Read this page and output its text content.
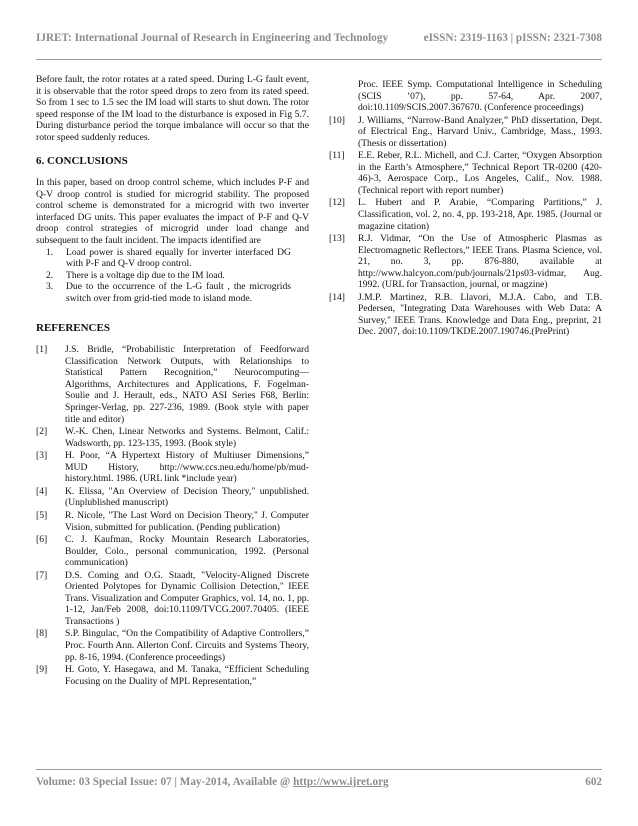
IJRET: International Journal of Research in Engineering and Technology	eISSN: 2319-1163 | pISSN: 2321-7308

Before fault, the rotor rotates at a rated speed. During L-G fault event, it is observable that the rotor speed drops to zero from its rated speed. So from 1 sec to 1.5 sec the IM load will starts to shut down. The rotor speed response of the IM load to the disturbance is exposed in Fig 5.7. During disturbance period the torque imbalance will occur so that the rotor speed suddenly reduces.

6. CONCLUSIONS

In this paper, based on droop control scheme, which includes P-F and Q-V droop control is studied for microgrid stability. The proposed control scheme is demonstrated for a microgrid with two inverter interfaced DG units. This paper evaluates the impact of P-F and Q-V droop control strategies of microgrid under load change and subsequent to the fault incident. The impacts identified are

1. Load power is shared equally for inverter interfaced DG with P-F and Q-V droop control.
2. There is a voltage dip due to the IM load.
3. Due to the occurrence of the L-G fault , the microgrids switch over from grid-tied mode to island mode.
REFERENCES
[1] J.S. Bridle, “Probabilistic Interpretation of Feedforward Classification Network Outputs, with Relationships to Statistical Pattern Recognition,” Neurocomputing—Algorithms, Architectures and Applications, F. Fogelman-Soulie and J. Herault, eds., NATO ASI Series F68, Berlin: Springer-Verlag, pp. 227-236, 1989. (Book style with paper title and editor)
[2] W.-K. Chen, Linear Networks and Systems. Belmont, Calif.: Wadsworth, pp. 123-135, 1993. (Book style)
[3] H. Poor, “A Hypertext History of Multiuser Dimensions,” MUD History, http://www.ccs.neu.edu/home/pb/mud-history.html. 1986. (URL link *include year)
[4] K. Elissa, "An Overview of Decision Theory," unpublished. (Unplublished manuscript)
[5] R. Nicole, "The Last Word on Decision Theory," J. Computer Vision, submitted for publication. (Pending publication)
[6] C. J. Kaufman, Rocky Mountain Research Laboratories, Boulder, Colo., personal communication, 1992. (Personal communication)
[7] D.S. Coming and O.G. Staadt, "Velocity-Aligned Discrete Oriented Polytopes for Dynamic Collision Detection," IEEE Trans. Visualization and Computer Graphics, vol. 14, no. 1, pp. 1-12, Jan/Feb 2008, doi:10.1109/TVCG.2007.70405. (IEEE Transactions )
[8] S.P. Bingulac, “On the Compatibility of Adaptive Controllers,” Proc. Fourth Ann. Allerton Conf. Circuits and Systems Theory, pp. 8-16, 1994. (Conference proceedings)
[9] H. Goto, Y. Hasegawa, and M. Tanaka, “Efficient Scheduling Focusing on the Duality of MPL Representation,”
Proc. IEEE Symp. Computational Intelligence in Scheduling (SCIS ’07), pp. 57-64, Apr. 2007, doi:10.1109/SCIS.2007.367670. (Conference proceedings)
[10] J. Williams, “Narrow-Band Analyzer,” PhD dissertation, Dept. of Electrical Eng., Harvard Univ., Cambridge, Mass., 1993. (Thesis or dissertation)
[11] E.E. Reber, R.L. Michell, and C.J. Carter, “Oxygen Absorption in the Earth’s Atmosphere,” Technical Report TR-0200 (420-46)-3, Aerospace Corp., Los Angeles, Calif., Nov. 1988. (Technical report with report number)
[12] L. Hubert and P. Arabie, “Comparing Partitions,” J. Classification, vol. 2, no. 4, pp. 193-218, Apr. 1985. (Journal or magazine citation)
[13] R.J. Vidmar, “On the Use of Atmospheric Plasmas as Electromagnetic Reflectors,” IEEE Trans. Plasma Science, vol. 21, no. 3, pp. 876-880, available at http://www.halcyon.com/pub/journals/21ps03-vidmar, Aug. 1992. (URL for Transaction, journal, or magzine)
[14] J.M.P. Martinez, R.B. Llavori, M.J.A. Cabo, and T.B. Pedersen, "Integrating Data Warehouses with Web Data: A Survey," IEEE Trans. Knowledge and Data Eng., preprint, 21 Dec. 2007, doi:10.1109/TKDE.2007.190746.(PrePrint)
Volume: 03 Special Issue: 07 | May-2014, Available @ http://www.ijret.org	602
